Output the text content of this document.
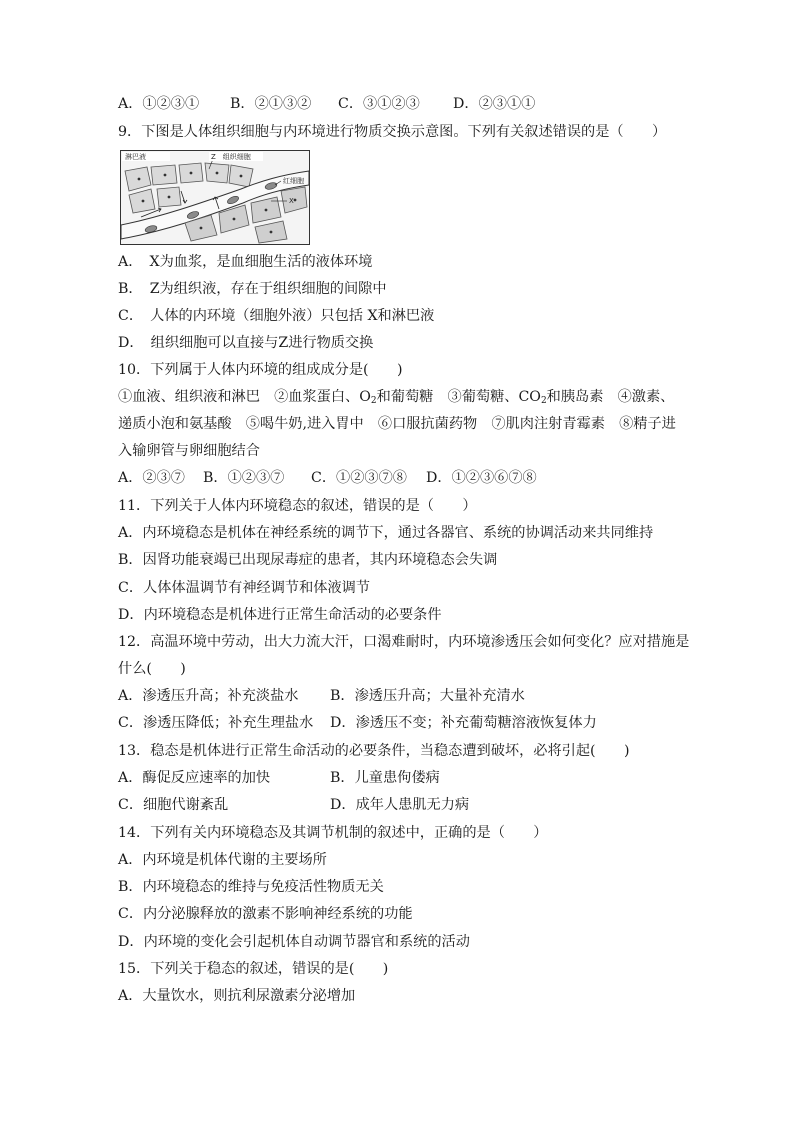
A．①②③① B．②①③② C．③①②③ D．②③①①
9．下图是人体组织细胞与内环境进行物质交换示意图。下列有关叙述错误的是（　　）
淋巴液	Z　组织细胞
红细胞
X
A．　X为血浆，是血细胞生活的液体环境
B．　Z为组织液，存在于组织细胞的间隙中
C．　人体的内环境（细胞外液）只包括 X和淋巴液
D．　组织细胞可以直接与Z进行物质交换
10．下列属于人体内环境的组成成分是(　　)
①血液、组织液和淋巴　②血浆蛋白、$O_2$和葡萄糖　③葡萄糖、$CO_2$和胰岛素　④激素、
递质小泡和氨基酸　⑤喝牛奶,进入胃中　⑥口服抗菌药物　⑦肌肉注射青霉素　⑧精子进
入输卵管与卵细胞结合
A．②③⑦ B．①②③⑦ C．①②③⑦⑧ D．①②③⑥⑦⑧
11．下列关于人体内环境稳态的叙述，错误的是（　　）
A．内环境稳态是机体在神经系统的调节下，通过各器官、系统的协调活动来共同维持
B．因肾功能衰竭已出现尿毒症的患者，其内环境稳态会失调
C．人体体温调节有神经调节和体液调节
D．内环境稳态是机体进行正常生命活动的必要条件
12．高温环境中劳动，出大力流大汗，口渴难耐时，内环境渗透压会如何变化？应对措施是
什么(　　)
A．渗透压升高；补充淡盐水 B．渗透压升高；大量补充清水
C．渗透压降低；补充生理盐水 D．渗透压不变；补充葡萄糖溶液恢复体力
13．稳态是机体进行正常生命活动的必要条件，当稳态遭到破坏，必将引起(　　)
A．酶促反应速率的加快	B．儿童患佝偻病
C．细胞代谢紊乱	D．成年人患肌无力病
14．下列有关内环境稳态及其调节机制的叙述中，正确的是（　　）
A．内环境是机体代谢的主要场所
B．内环境稳态的维持与免疫活性物质无关
C．内分泌腺释放的激素不影响神经系统的功能
D．内环境的变化会引起机体自动调节器官和系统的活动
15．下列关于稳态的叙述，错误的是(　　)
A．大量饮水，则抗利尿激素分泌增加
